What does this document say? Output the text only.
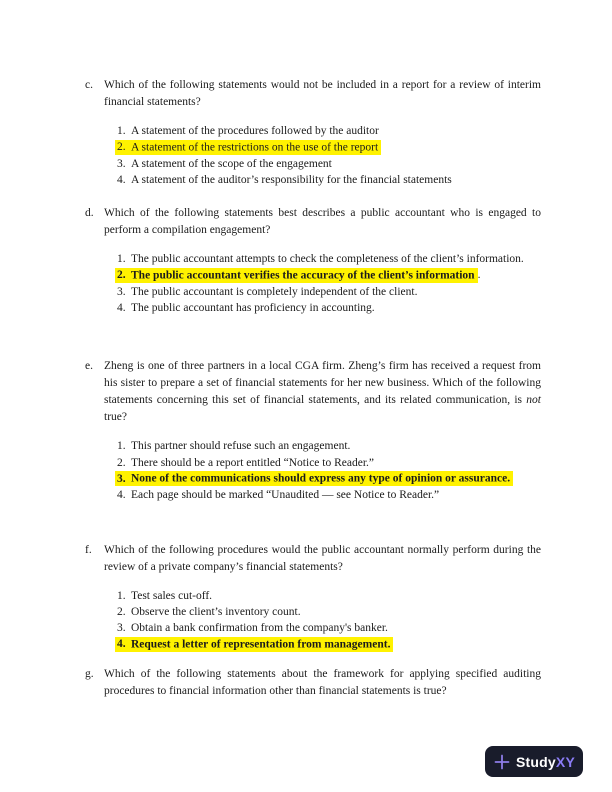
c. Which of the following statements would not be included in a report for a review of interim financial statements?
1. A statement of the procedures followed by the auditor
2. A statement of the restrictions on the use of the report
3. A statement of the scope of the engagement
4. A statement of the auditor’s responsibility for the financial statements
d. Which of the following statements best describes a public accountant who is engaged to perform a compilation engagement?
1. The public accountant attempts to check the completeness of the client’s information.
2. The public accountant verifies the accuracy of the client’s information .
3. The public accountant is completely independent of the client.
4. The public accountant has proficiency in accounting.
e. Zheng is one of three partners in a local CGA firm. Zheng’s firm has received a request from his sister to prepare a set of financial statements for her new business. Which of the following statements concerning this set of financial statements, and its related communication, is not true?
1. This partner should refuse such an engagement.
2. There should be a report entitled “Notice to Reader.”
3. None of the communications should express any type of opinion or assurance.
4. Each page should be marked “Unaudited — see Notice to Reader.”
f.	Which of the following procedures would the public accountant normally perform during the review of a private company’s financial statements?
1. Test sales cut-off.
2. Observe the client’s inventory count.
3. Obtain a bank confirmation from the company's banker.
4. Request a letter of representation from management.
g. Which of the following statements about the framework for applying specified auditing procedures to financial information other than financial statements is true?
StudyXY
